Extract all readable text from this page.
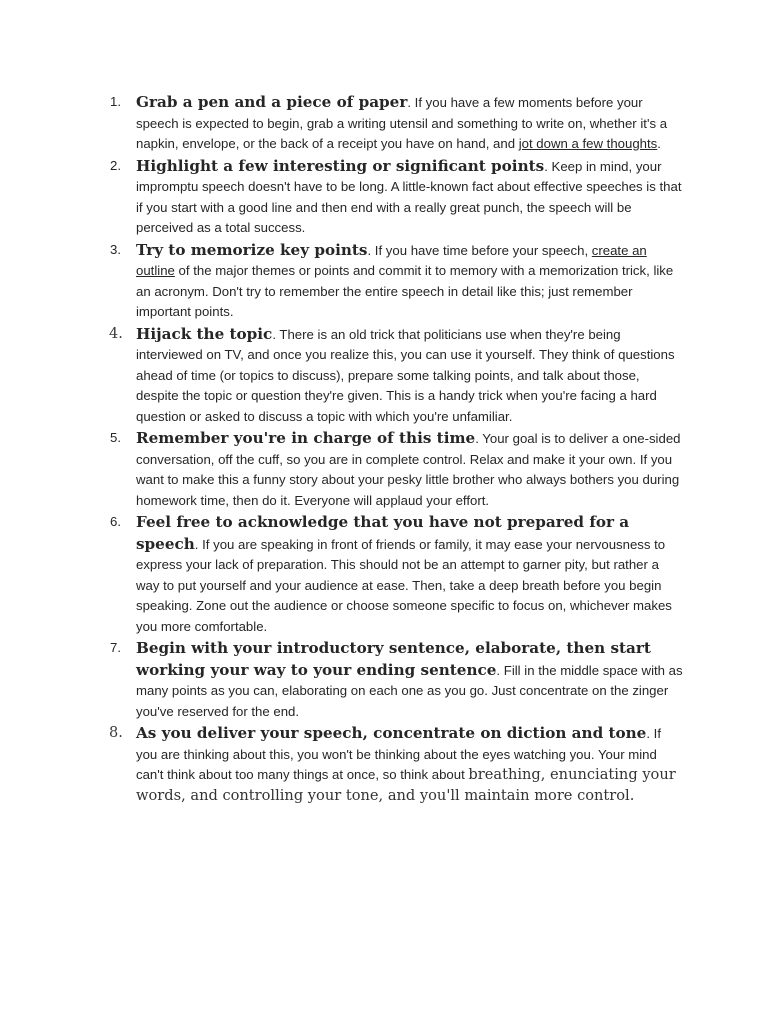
1. Grab a pen and a piece of paper. If you have a few moments before your speech is expected to begin, grab a writing utensil and something to write on, whether it's a napkin, envelope, or the back of a receipt you have on hand, and jot down a few thoughts.
2. Highlight a few interesting or significant points. Keep in mind, your impromptu speech doesn't have to be long. A little-known fact about effective speeches is that if you start with a good line and then end with a really great punch, the speech will be perceived as a total success.
3. Try to memorize key points. If you have time before your speech, create an outline of the major themes or points and commit it to memory with a memorization trick, like an acronym. Don't try to remember the entire speech in detail like this; just remember important points.
4. Hijack the topic. There is an old trick that politicians use when they're being interviewed on TV, and once you realize this, you can use it yourself. They think of questions ahead of time (or topics to discuss), prepare some talking points, and talk about those, despite the topic or question they're given. This is a handy trick when you're facing a hard question or asked to discuss a topic with which you're unfamiliar.
5. Remember you're in charge of this time. Your goal is to deliver a one-sided conversation, off the cuff, so you are in complete control. Relax and make it your own. If you want to make this a funny story about your pesky little brother who always bothers you during homework time, then do it. Everyone will applaud your effort.
6. Feel free to acknowledge that you have not prepared for a speech. If you are speaking in front of friends or family, it may ease your nervousness to express your lack of preparation. This should not be an attempt to garner pity, but rather a way to put yourself and your audience at ease. Then, take a deep breath before you begin speaking. Zone out the audience or choose someone specific to focus on, whichever makes you more comfortable.
7. Begin with your introductory sentence, elaborate, then start working your way to your ending sentence. Fill in the middle space with as many points as you can, elaborating on each one as you go. Just concentrate on the zinger you've reserved for the end.
8. As you deliver your speech, concentrate on diction and tone. If you are thinking about this, you won't be thinking about the eyes watching you. Your mind can't think about too many things at once, so think about breathing, enunciating your words, and controlling your tone, and you'll maintain more control.
